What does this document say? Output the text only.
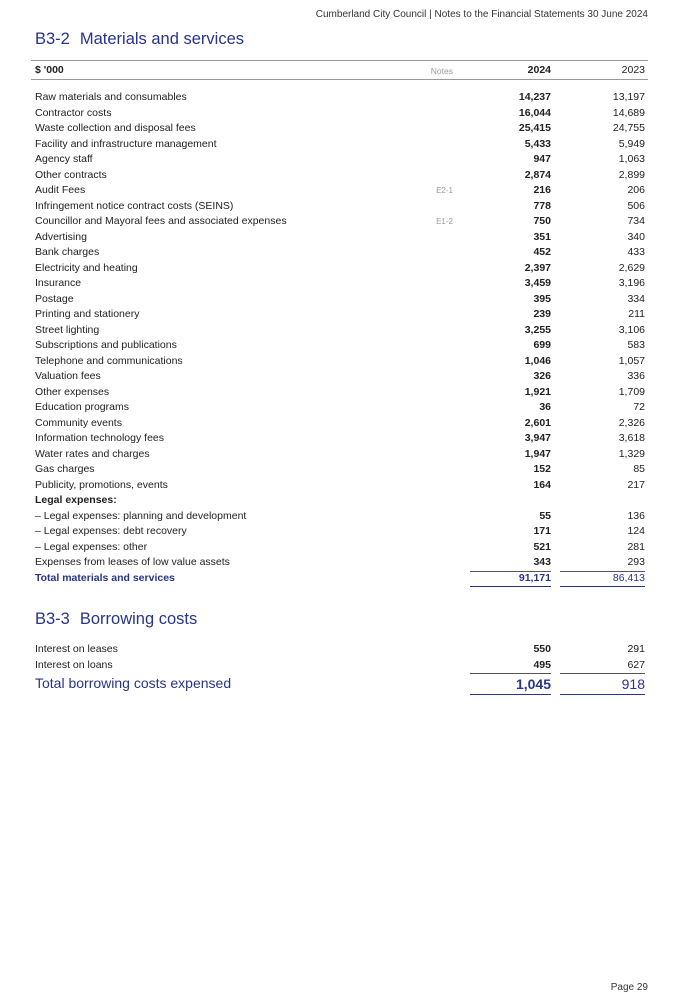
Cumberland City Council | Notes to the Financial Statements 30 June 2024
B3-2 Materials and services
$ '000	Notes	2024	2023
Raw materials and consumables	14,237	13,197
Contractor costs	16,044	14,689
Waste collection and disposal fees	25,415	24,755
Facility and infrastructure management	5,433	5,949
Agency staff	947	1,063
Other contracts	2,874	2,899
Audit Fees	E2-1	216	206
Infringement notice contract costs (SEINS)	778	506
Councillor and Mayoral fees and associated expenses	E1-2	750	734
Advertising	351	340
Bank charges	452	433
Electricity and heating	2,397	2,629
Insurance	3,459	3,196
Postage	395	334
Printing and stationery	239	211
Street lighting	3,255	3,106
Subscriptions and publications	699	583
Telephone and communications	1,046	1,057
Valuation fees	326	336
Other expenses	1,921	1,709
Education programs	36	72
Community events	2,601	2,326
Information technology fees	3,947	3,618
Water rates and charges	1,947	1,329
Gas charges	152	85
Publicity, promotions, events	164	217
Legal expenses:
– Legal expenses: planning and development	55	136
– Legal expenses: debt recovery	171	124
– Legal expenses: other	521	281
Expenses from leases of low value assets	343	293
Total materials and services	91,171	86,413
B3-3 Borrowing costs
Interest on leases	550	291
Interest on loans	495	627
Total borrowing costs expensed	1,045	918
Page 29
